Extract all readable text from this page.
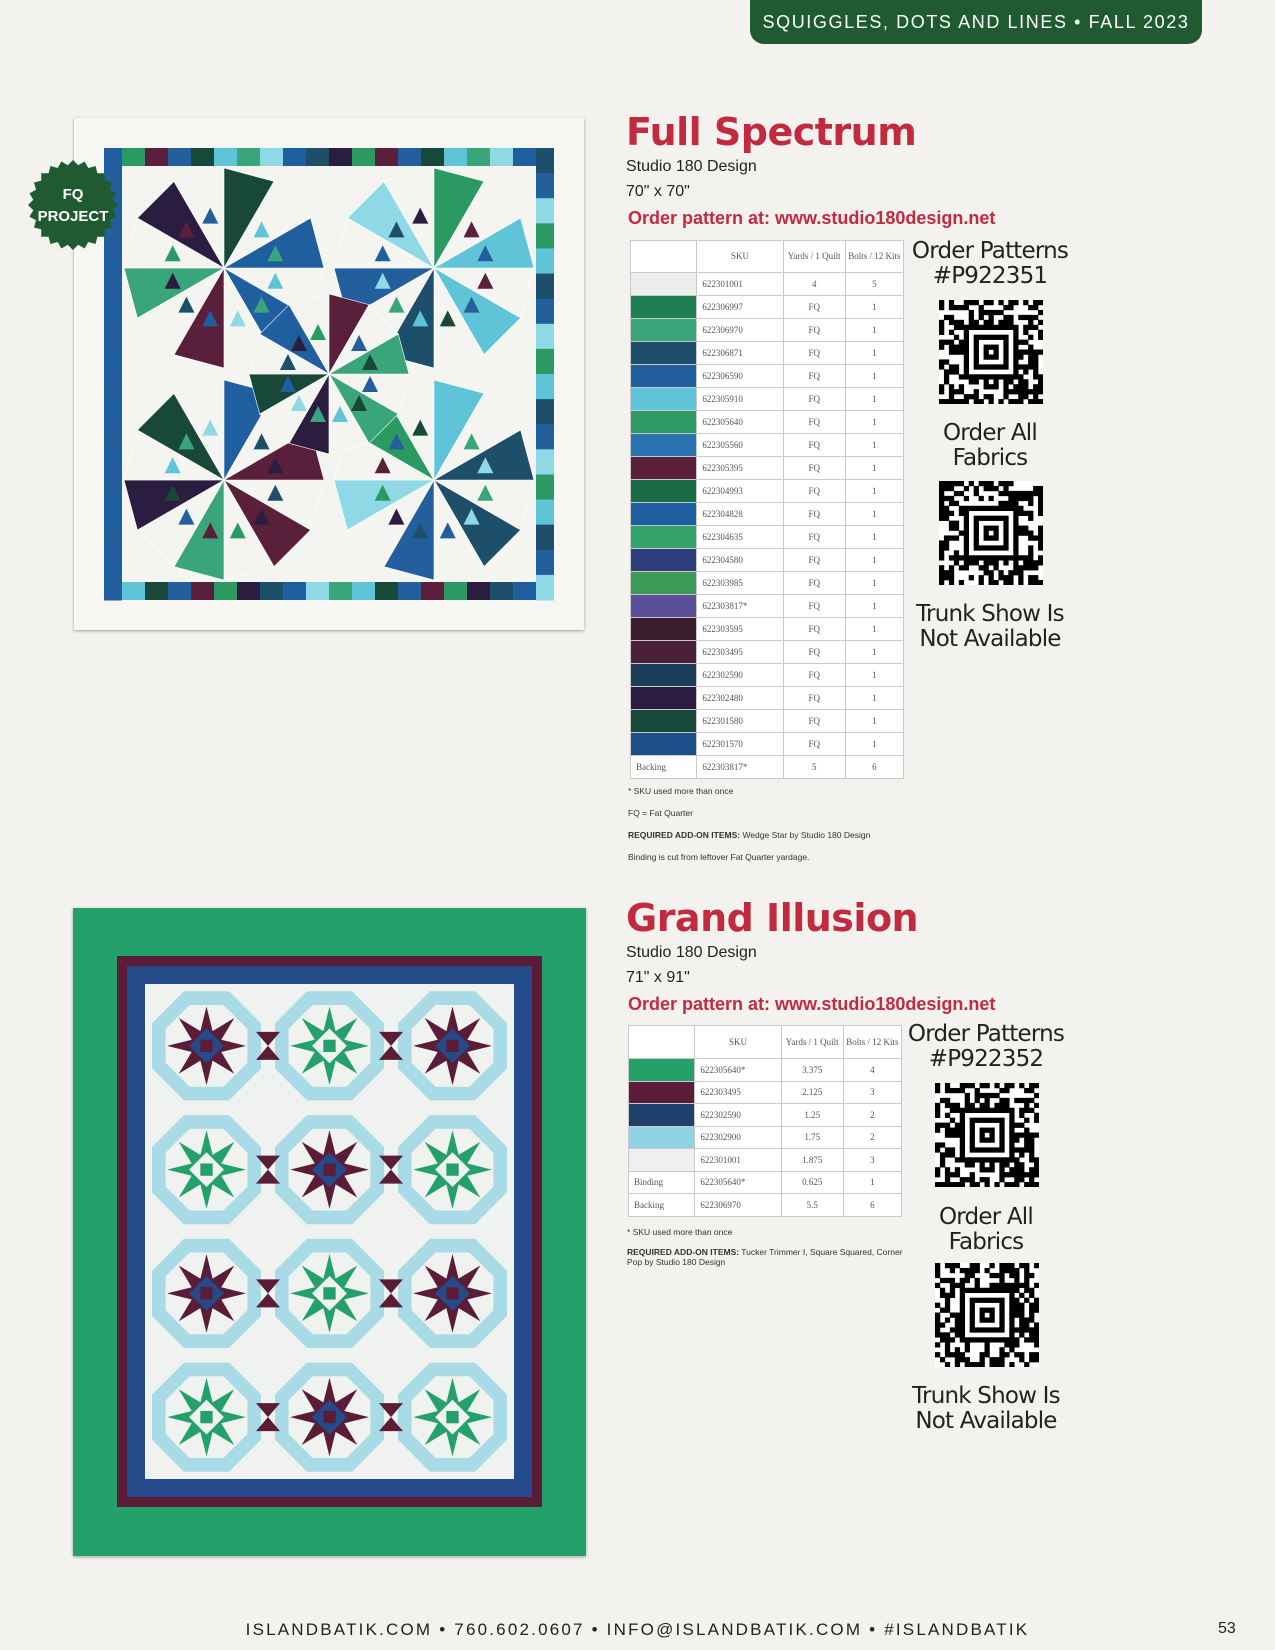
SQUIGGLES, DOTS AND LINES • FALL 2023
FQ
PROJECT
Full Spectrum
Studio 180 Design
70" x 70"
Order pattern at: www.studio180design.net
	SKU	Yards / 1 Quilt	Bolts / 12 Kits
	622301001	4	5
	622306997	FQ	1
	622306970	FQ	1
	622306871	FQ	1
	622306590	FQ	1
	622305910	FQ	1
	622305640	FQ	1
	622305560	FQ	1
	622305395	FQ	1
	622304993	FQ	1
	622304828	FQ	1
	622304635	FQ	1
	622304580	FQ	1
	622303985	FQ	1
	622303817*	FQ	1
	622303595	FQ	1
	622303495	FQ	1
	622302590	FQ	1
	622302480	FQ	1
	622301580	FQ	1
	622301570	FQ	1
Backing	622303817*	5	6
* SKU used more than once
FQ = Fat Quarter
REQUIRED ADD-ON ITEMS: Wedge Star by Studio 180 Design
Binding is cut from leftover Fat Quarter yardage.
Order Patterns
#P922351
Order All
Fabrics
Trunk Show Is
Not Available
Grand Illusion
Studio 180 Design
71" x 91"
Order pattern at: www.studio180design.net
	SKU	Yards / 1 Quilt	Bolts / 12 Kits
	622305640*	3.375	4
	622303495	2.125	3
	622302590	1.25	2
	622302900	1.75	2
	622301001	1.875	3
Binding	622305640*	0.625	1
Backing	622306970	5.5	6
* SKU used more than once
REQUIRED ADD-ON ITEMS: Tucker Trimmer I, Square Squared, Corner Pop by Studio 180 Design
Order Patterns
#P922352
Order All
Fabrics
Trunk Show Is
Not Available
ISLANDBATIK.COM • 760.602.0607 • INFO@ISLANDBATIK.COM • #ISLANDBATIK	53
